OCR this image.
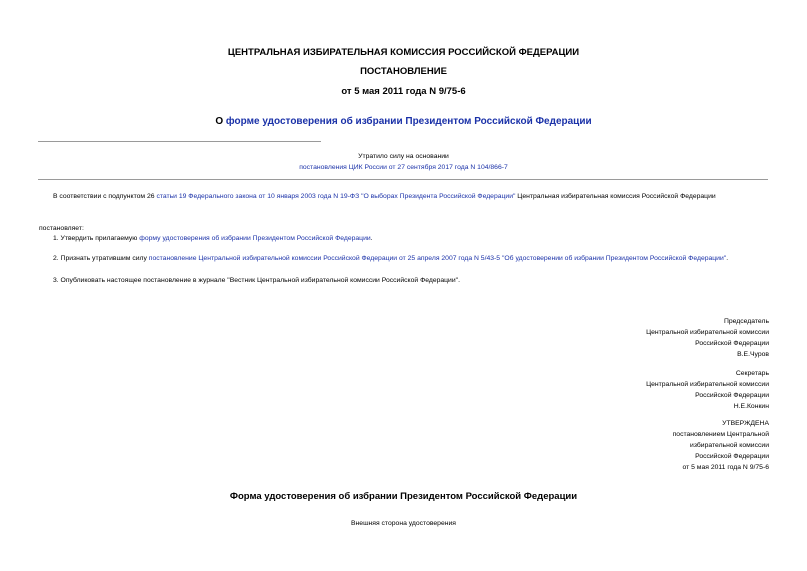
ЦЕНТРАЛЬНАЯ ИЗБИРАТЕЛЬНАЯ КОМИССИЯ РОССИЙСКОЙ ФЕДЕРАЦИИ
ПОСТАНОВЛЕНИЕ
от 5 мая 2011 года N 9/75-6
О форме удостоверения об избрании Президентом Российской Федерации
Утратило силу на основании
постановления ЦИК России от 27 сентября 2017 года N 104/866-7
В соответствии с подпунктом 26 статьи 19 Федерального закона от 10 января 2003 года N 19-ФЗ "О выборах Президента Российской Федерации" Центральная избирательная комиссия Российской Федерации
постановляет:
1. Утвердить прилагаемую форму удостоверения об избрании Президентом Российской Федерации.
2. Признать утратившим силу постановление Центральной избирательной комиссии Российской Федерации от 25 апреля 2007 года N 5/43-5 "Об удостоверении об избрании Президентом Российской Федерации".
3. Опубликовать настоящее постановление в журнале "Вестник Центральной избирательной комиссии Российской Федерации".
Председатель
Центральной избирательной комиссии
Российской Федерации
В.Е.Чуров
Секретарь
Центральной избирательной комиссии
Российской Федерации
Н.Е.Конкин
УТВЕРЖДЕНА
постановлением Центральной
избирательной комиссии
Российской Федерации
от 5 мая 2011 года N 9/75-6
Форма удостоверения об избрании Президентом Российской Федерации
Внешняя сторона удостоверения
